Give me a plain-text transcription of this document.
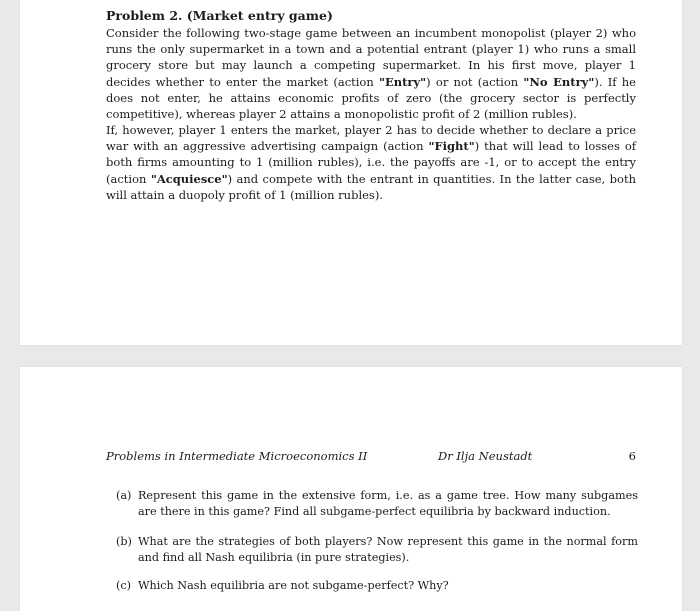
Problem 2. (Market entry game)
Consider the following two-stage game between an incumbent monopolist (player 2) who runs the only supermarket in a town and a potential entrant (player 1) who runs a small grocery store but may launch a competing supermarket. In his first move, player 1 decides whether to enter the market (action "Entry") or not (action "No Entry"). If he does not enter, he attains economic profits of zero (the grocery sector is perfectly competitive), whereas player 2 attains a monopolistic profit of 2 (million rubles).
If, however, player 1 enters the market, player 2 has to decide whether to declare a price war with an aggressive advertising campaign (action "Fight") that will lead to losses of both firms amounting to 1 (million rubles), i.e. the payoffs are -1, or to accept the entry (action "Acquiesce") and compete with the entrant in quantities. In the latter case, both will attain a duopoly profit of 1 (million rubles).
Problems in Intermediate Microeconomics II	Dr Ilja Neustadt	6
(a) Represent this game in the extensive form, i.e. as a game tree. How many subgames are there in this game? Find all subgame-perfect equilibria by backward induction.
(b) What are the strategies of both players? Now represent this game in the normal form and find all Nash equilibria (in pure strategies).
(c) Which Nash equilibria are not subgame-perfect? Why?
